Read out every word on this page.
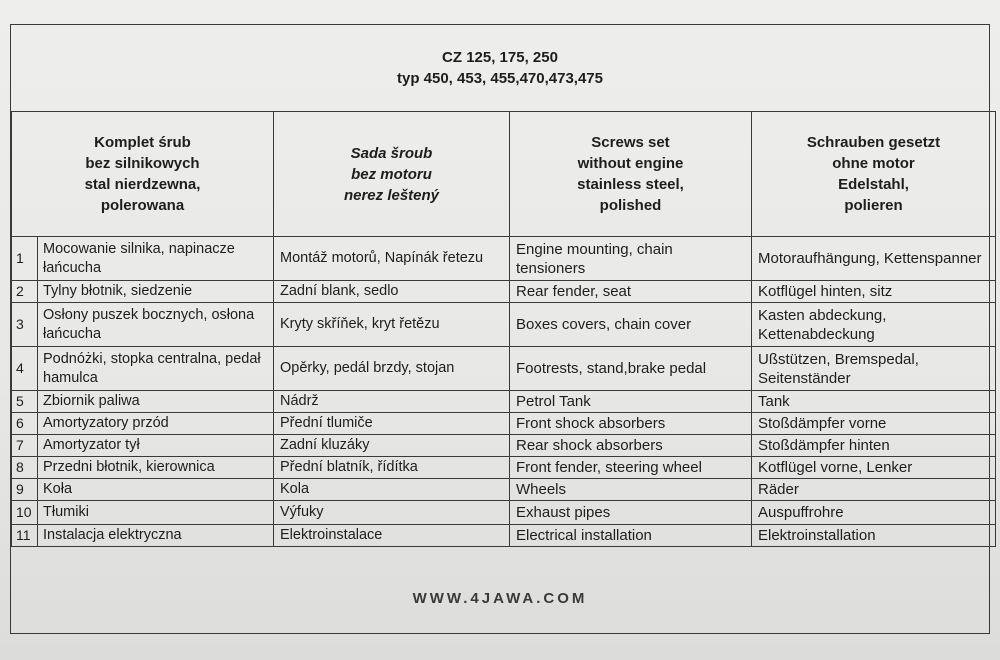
CZ 125, 175, 250
typ 450, 453, 455,470,473,475
Komplet śrub
bez silnikowych
stal nierdzewna,
polerowana		Sada šroub
bez motoru
nerez leštený	Screws set
without engine
stainless steel,
polished	Schrauben gesetzt
ohne motor
Edelstahl,
polieren

1	Mocowanie silnika, napinacze łańcucha	Montáž motorů, Napínák řetezu	Engine mounting, chain tensioners	Motoraufhängung, Kettenspanner
2	Tylny błotnik, siedzenie	Zadní blank, sedlo	Rear fender, seat	Kotflügel hinten, sitz
3	Osłony puszek bocznych, osłona łańcucha	Kryty skříňek, kryt řetězu	Boxes covers, chain cover	Kasten abdeckung, Kettenabdeckung
4	Podnóżki, stopka centralna, pedał hamulca	Opěrky, pedál brzdy, stojan	Footrests, stand,brake pedal	Ußstützen, Bremspedal, Seitenständer
5	Zbiornik paliwa	Nádrž	Petrol Tank	Tank
6	Amortyzatory przód	Přední tlumiče	Front shock absorbers	Stoßdämpfer vorne
7	Amortyzator tył	Zadní kluzáky	Rear shock absorbers	Stoßdämpfer hinten
8	Przedni błotnik, kierownica	Přední blatník, řídítka	Front fender, steering wheel	Kotflügel vorne, Lenker
9	Koła	Kola	Wheels	Räder
10	Tłumiki	Výfuky	Exhaust pipes	Auspuffrohre
11	Instalacja elektryczna	Elektroinstalace	Electrical installation	Elektroinstallation
WWW.4JAWA.COM
